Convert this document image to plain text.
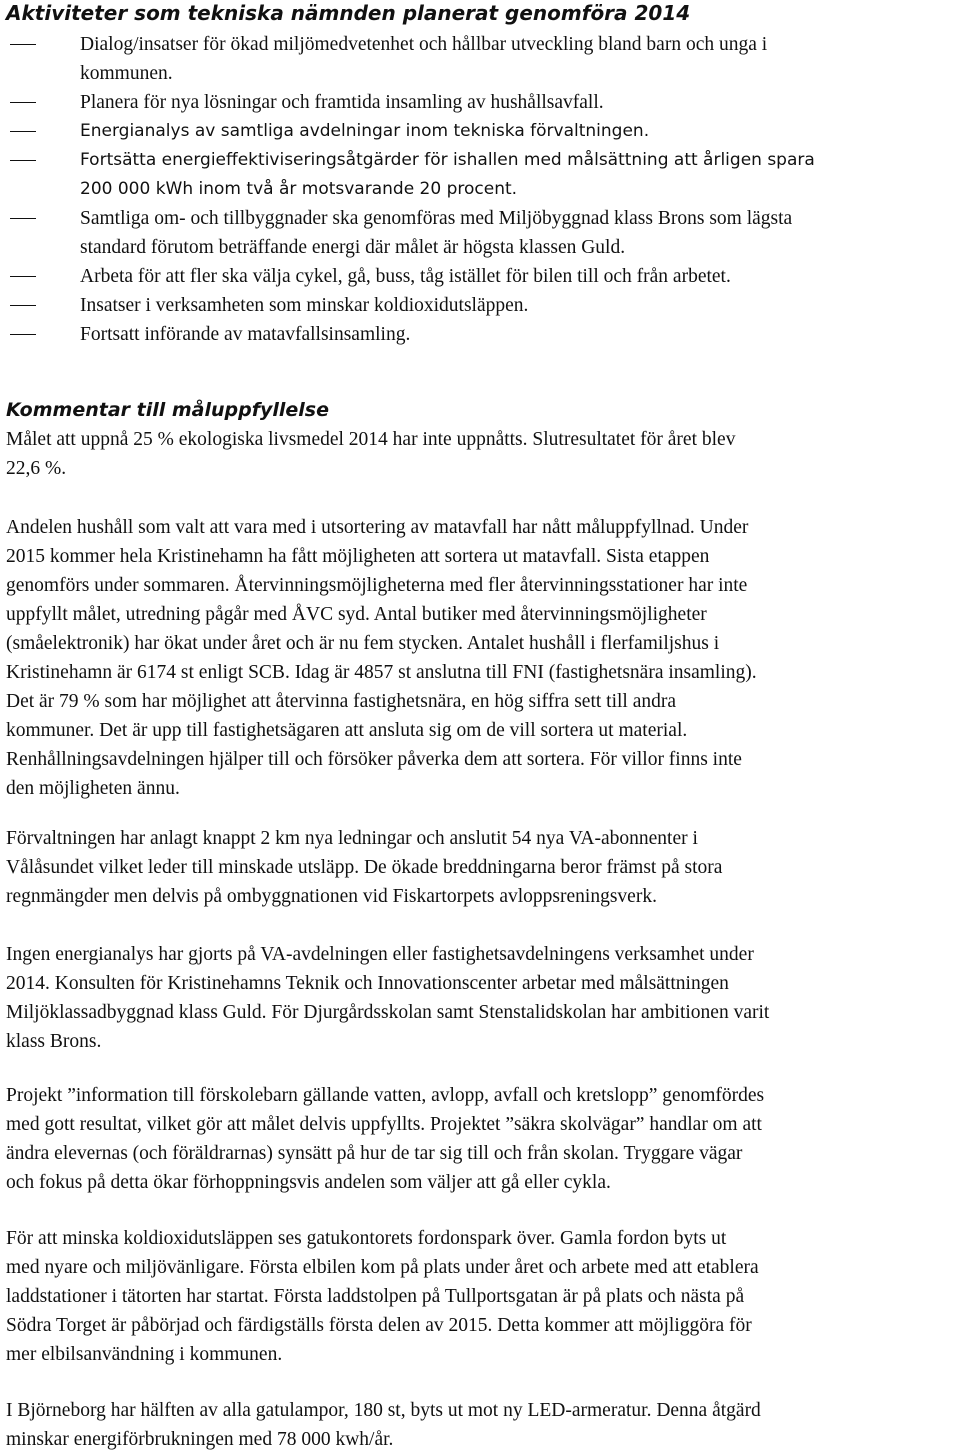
Aktiviteter som tekniska nämnden planerat genomföra 2014
Dialog/insatser för ökad miljömedvetenhet och hållbar utveckling bland barn och unga i
kommunen.
Planera för nya lösningar och framtida insamling av hushållsavfall.
Energianalys av samtliga avdelningar inom tekniska förvaltningen.
Fortsätta energieffektiviseringsåtgärder för ishallen med målsättning att årligen spara
200 000 kWh inom två år motsvarande 20 procent.
Samtliga om- och tillbyggnader ska genomföras med Miljöbyggnad klass Brons som lägsta
standard förutom beträffande energi där målet är högsta klassen Guld.
Arbeta för att fler ska välja cykel, gå, buss, tåg istället för bilen till och från arbetet.
Insatser i verksamheten som minskar koldioxidutsläppen.
Fortsatt införande av matavfallsinsamling.
Kommentar till måluppfyllelse

Målet att uppnå 25 % ekologiska livsmedel 2014 har inte uppnåtts. Slutresultatet för året blev
22,6 %.

Andelen hushåll som valt att vara med i utsortering av matavfall har nått måluppfyllnad. Under
2015 kommer hela Kristinehamn ha fått möjligheten att sortera ut matavfall. Sista etappen
genomförs under sommaren. Återvinningsmöjligheterna med fler återvinningsstationer har inte
uppfyllt målet, utredning pågår med ÅVC syd. Antal butiker med återvinningsmöjligheter
(småelektronik) har ökat under året och är nu fem stycken. Antalet hushåll i flerfamiljshus i
Kristinehamn är 6174 st enligt SCB. Idag är 4857 st anslutna till FNI (fastighetsnära insamling).
Det är 79 % som har möjlighet att återvinna fastighetsnära, en hög siffra sett till andra
kommuner. Det är upp till fastighetsägaren att ansluta sig om de vill sortera ut material.
Renhållningsavdelningen hjälper till och försöker påverka dem att sortera. För villor finns inte
den möjligheten ännu.

Förvaltningen har anlagt knappt 2 km nya ledningar och anslutit 54 nya VA-abonnenter i
Vålåsundet vilket leder till minskade utsläpp. De ökade breddningarna beror främst på stora
regnmängder men delvis på ombyggnationen vid Fiskartorpets avloppsreningsverk.

Ingen energianalys har gjorts på VA-avdelningen eller fastighetsavdelningens verksamhet under
2014. Konsulten för Kristinehamns Teknik och Innovationscenter arbetar med målsättningen
Miljöklassadbyggnad klass Guld. För Djurgårdsskolan samt Stenstalidskolan har ambitionen varit
klass Brons.

Projekt ”information till förskolebarn gällande vatten, avlopp, avfall och kretslopp” genomfördes
med gott resultat, vilket gör att målet delvis uppfyllts. Projektet ”säkra skolvägar” handlar om att
ändra elevernas (och föräldrarnas) synsätt på hur de tar sig till och från skolan. Tryggare vägar
och fokus på detta ökar förhoppningsvis andelen som väljer att gå eller cykla.

För att minska koldioxidutsläppen ses gatukontorets fordonspark över. Gamla fordon byts ut
med nyare och miljövänligare. Första elbilen kom på plats under året och arbete med att etablera
laddstationer i tätorten har startat. Första laddstolpen på Tullportsgatan är på plats och nästa på
Södra Torget är påbörjad och färdigställs första delen av 2015. Detta kommer att möjliggöra för
mer elbilsanvändning i kommunen.

I Björneborg har hälften av alla gatulampor, 180 st, byts ut mot ny LED-armeratur. Denna åtgärd
minskar energiförbrukningen med 78 000 kwh/år.
